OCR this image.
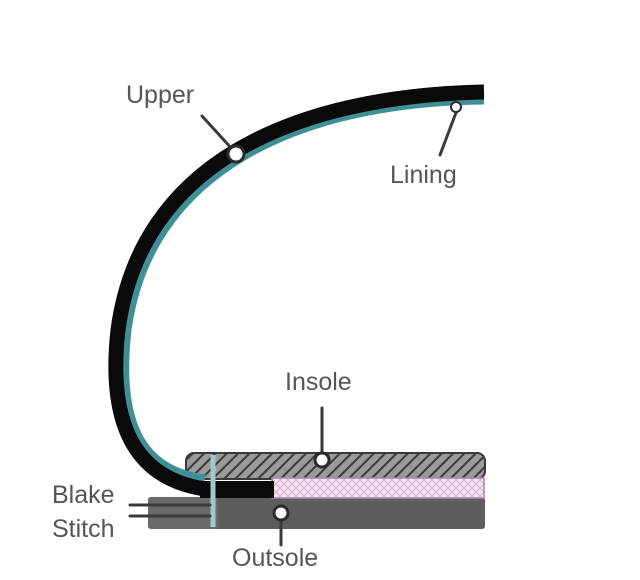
Upper
Lining
Insole
Outsole
Blake
Stitch
